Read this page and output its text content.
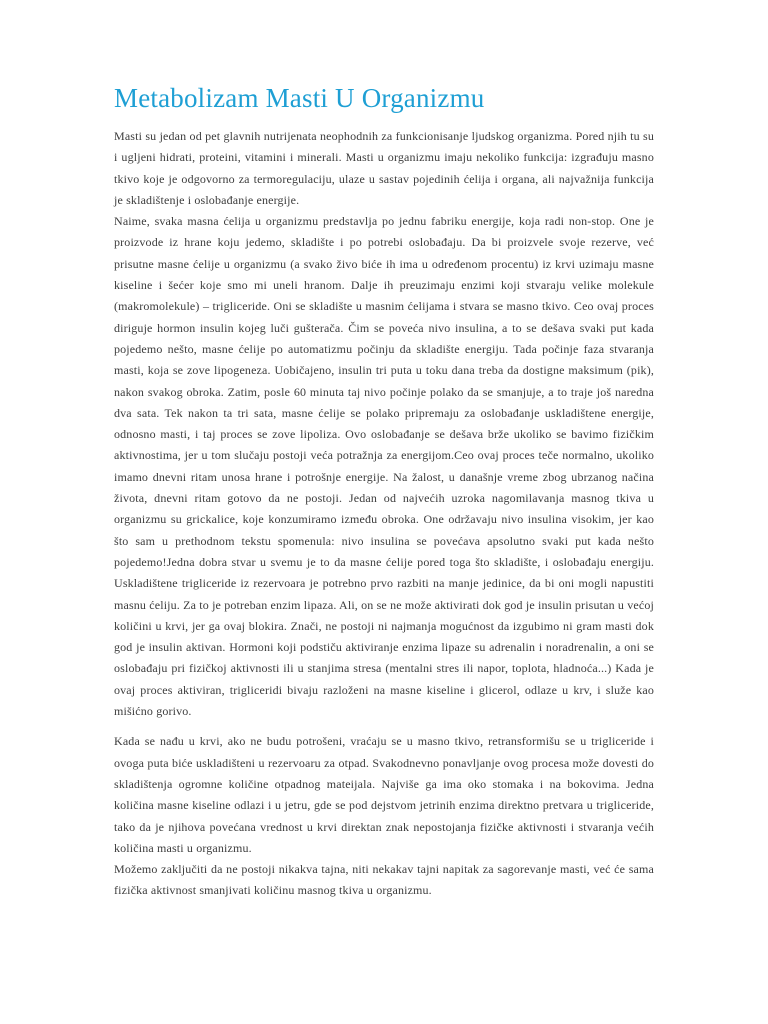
Metabolizam Masti U Organizmu

Masti su jedan od pet glavnih nutrijenata neophodnih za funkcionisanje ljudskog organizma. Pored njih tu su i ugljeni hidrati, proteini, vitamini i minerali. Masti u organizmu imaju nekoliko funkcija: izgrađuju masno tkivo koje je odgovorno za termoregulaciju, ulaze u sastav pojedinih ćelija i organa, ali najvažnija funkcija je skladištenje i oslobađanje energije.

Naime, svaka masna ćelija u organizmu predstavlja po jednu fabriku energije, koja radi non-stop. One je proizvode iz hrane koju jedemo, skladište i po potrebi oslobađaju. Da bi proizvele svoje rezerve, već prisutne masne ćelije u organizmu (a svako živo biće ih ima u određenom procentu) iz krvi uzimaju masne kiseline i šećer koje smo mi uneli hranom. Dalje ih preuzimaju enzimi koji stvaraju velike molekule (makromolekule) – trigliceride. Oni se skladište u masnim ćelijama i stvara se masno tkivo. Ceo ovaj proces diriguje hormon insulin kojeg luči gušterača. Čim se poveća nivo insulina, a to se dešava svaki put kada pojedemo nešto, masne ćelije po automatizmu počinju da skladište energiju. Tada počinje faza stvaranja masti, koja se zove lipogeneza. Uobičajeno, insulin tri puta u toku dana treba da dostigne maksimum (pik), nakon svakog obroka. Zatim, posle 60 minuta taj nivo počinje polako da se smanjuje, a to traje još naredna dva sata. Tek nakon ta tri sata, masne ćelije se polako pripremaju za oslobađanje uskladištene energije, odnosno masti, i taj proces se zove lipoliza. Ovo oslobađanje se dešava brže ukoliko se bavimo fizičkim aktivnostima, jer u tom slučaju postoji veća potražnja za energijom.Ceo ovaj proces teče normalno, ukoliko imamo dnevni ritam unosa hrane i potrošnje energije. Na žalost, u današnje vreme zbog ubrzanog načina života, dnevni ritam gotovo da ne postoji. Jedan od najvećih uzroka nagomilavanja masnog tkiva u organizmu su grickalice, koje konzumiramo između obroka. One održavaju nivo insulina visokim, jer kao što sam u prethodnom tekstu spomenula: nivo insulina se povećava apsolutno svaki put kada nešto pojedemo!Jedna dobra stvar u svemu je to da masne ćelije pored toga što skladište, i oslobađaju energiju. Uskladištene trigliceride iz rezervoara je potrebno prvo razbiti na manje jedinice, da bi oni mogli napustiti masnu ćeliju. Za to je potreban enzim lipaza. Ali, on se ne može aktivirati dok god je insulin prisutan u većoj količini u krvi, jer ga ovaj blokira. Znači, ne postoji ni najmanja mogućnost da izgubimo ni gram masti dok god je insulin aktivan. Hormoni koji podstiču aktiviranje enzima lipaze su adrenalin i noradrenalin, a oni se oslobađaju pri fizičkoj aktivnosti ili u stanjima stresa (mentalni stres ili napor, toplota, hladnoća...) Kada je ovaj proces aktiviran, trigliceridi bivaju razloženi na masne kiseline i glicerol, odlaze u krv, i služe kao mišićno gorivo.

Kada se nađu u krvi, ako ne budu potrošeni, vraćaju se u masno tkivo, retransformišu se u trigliceride i ovoga puta biće uskladišteni u rezervoaru za otpad. Svakodnevno ponavljanje ovog procesa može dovesti do skladištenja ogromne količine otpadnog mateijala. Najviše ga ima oko stomaka i na bokovima. Jedna količina masne kiseline odlazi i u jetru, gde se pod dejstvom jetrinih enzima direktno pretvara u trigliceride, tako da je njihova povećana vrednost u krvi direktan znak nepostojanja fizičke aktivnosti i stvaranja većih količina masti u organizmu.

Možemo zaključiti da ne postoji nikakva tajna, niti nekakav tajni napitak za sagorevanje masti, već će sama fizička aktivnost smanjivati količinu masnog tkiva u organizmu.
